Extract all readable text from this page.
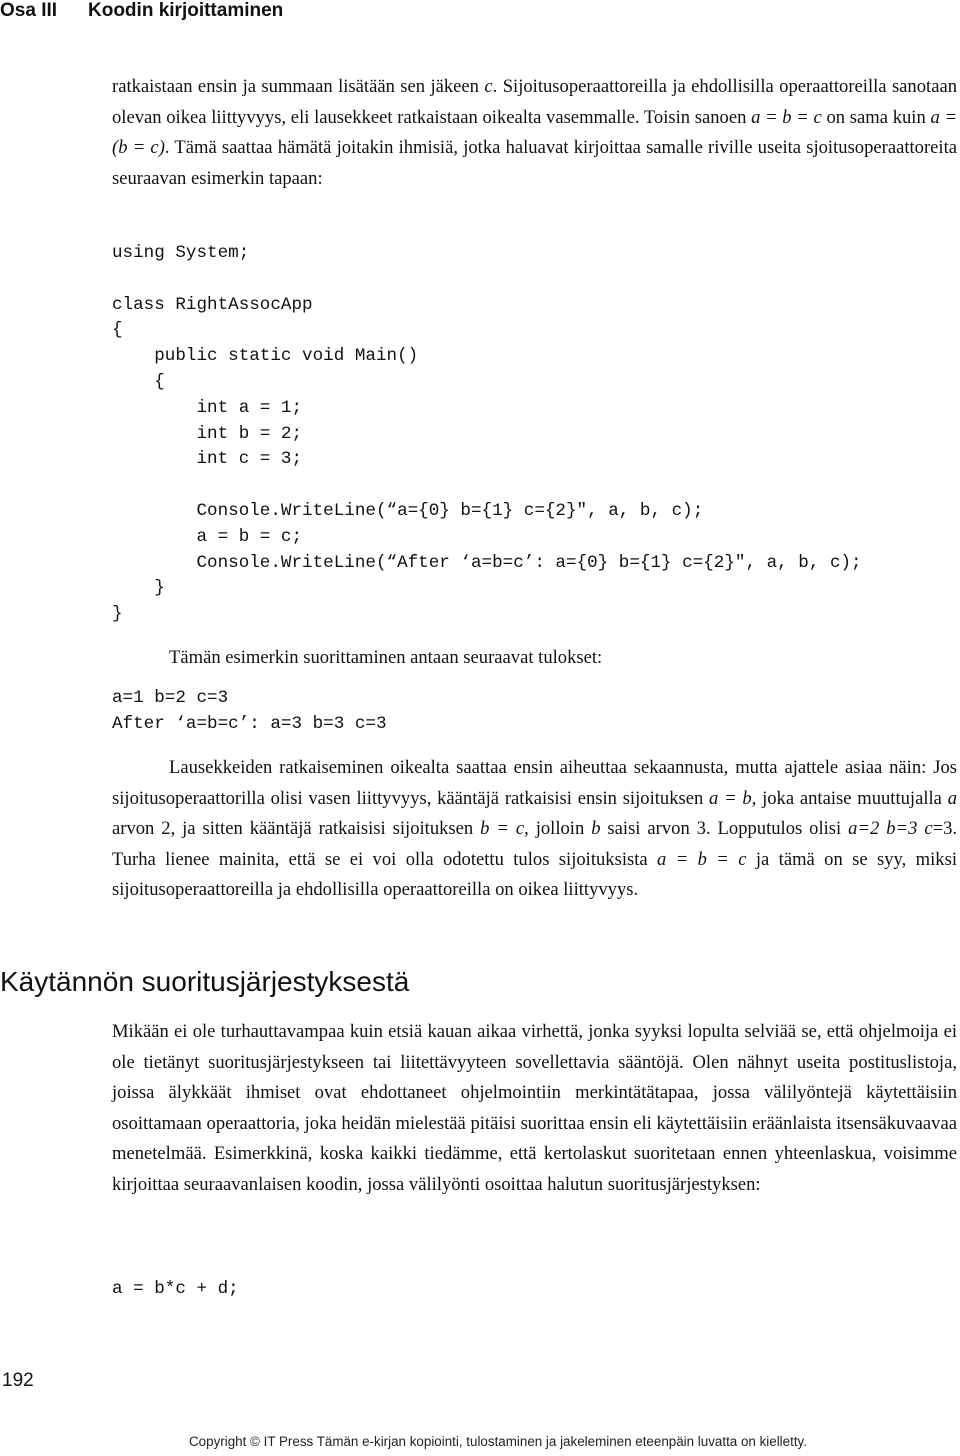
Osa III Koodin kirjoittaminen

ratkaistaan ensin ja summaan lisätään sen jäkeen c. Sijoitusoperaattoreilla ja ehdollisilla operaattoreilla sanotaan olevan oikea liittyvyys, eli lausekkeet ratkaistaan oikealta vasemmalle. Toisin sanoen a = b = c on sama kuin a = (b = c). Tämä saattaa hämätä joitakin ihmisiä, jotka haluavat kirjoittaa samalle riville useita sjoitusoperaattoreita seuraavan esimerkin tapaan:

using System;

class RightAssocApp
{
public static void Main()
{
int a = 1;
int b = 2;
int c = 3;

Console.WriteLine(“a={0} b={1} c={2}", a, b, c);
a = b = c;
Console.WriteLine(“After ‘a=b=c’: a={0} b={1} c={2}", a, b, c);
}
}

Tämän esimerkin suorittaminen antaan seuraavat tulokset:

a=1 b=2 c=3
After ‘a=b=c’: a=3 b=3 c=3

Lausekkeiden ratkaiseminen oikealta saattaa ensin aiheuttaa sekaannusta, mutta ajattele asiaa näin: Jos sijoitusoperaattorilla olisi vasen liittyvyys, kääntäjä ratkaisisi ensin sijoituksen a = b, joka antaise muuttujalla a arvon 2, ja sitten kääntäjä ratkaisisi sijoituksen b = c, jolloin b saisi arvon 3. Lopputulos olisi a=2 b=3 c=3. Turha lienee mainita, että se ei voi olla odotettu tulos sijoituksista a = b = c ja tämä on se syy, miksi sijoitusoperaattoreilla ja ehdollisilla operaattoreilla on oikea liittyvyys.

Käytännön suoritusjärjestyksestä

Mikään ei ole turhauttavampaa kuin etsiä kauan aikaa virhettä, jonka syyksi lopulta selviää se, että ohjelmoija ei ole tietänyt suoritusjärjestykseen tai liitettävyyteen sovellettavia sääntöjä. Olen nähnyt useita postituslistoja, joissa älykkäät ihmiset ovat ehdottaneet ohjelmointiin merkintätätapaa, jossa välilyöntejä käytettäisiin osoittamaan operaattoria, joka heidän mielestää pitäisi suorittaa ensin eli käytettäisiin eräänlaista itsensäkuvaavaa menetelmää. Esimerkkinä, koska kaikki tiedämme, että kertolaskut suoritetaan ennen yhteenlaskua, voisimme kirjoittaa seuraavanlaisen koodin, jossa välilyönti osoittaa halutun suoritusjärjestyksen:

a = b*c + d;
192
Copyright © IT Press Tämän e-kirjan kopiointi, tulostaminen ja jakeleminen eteenpäin luvatta on kielletty.
